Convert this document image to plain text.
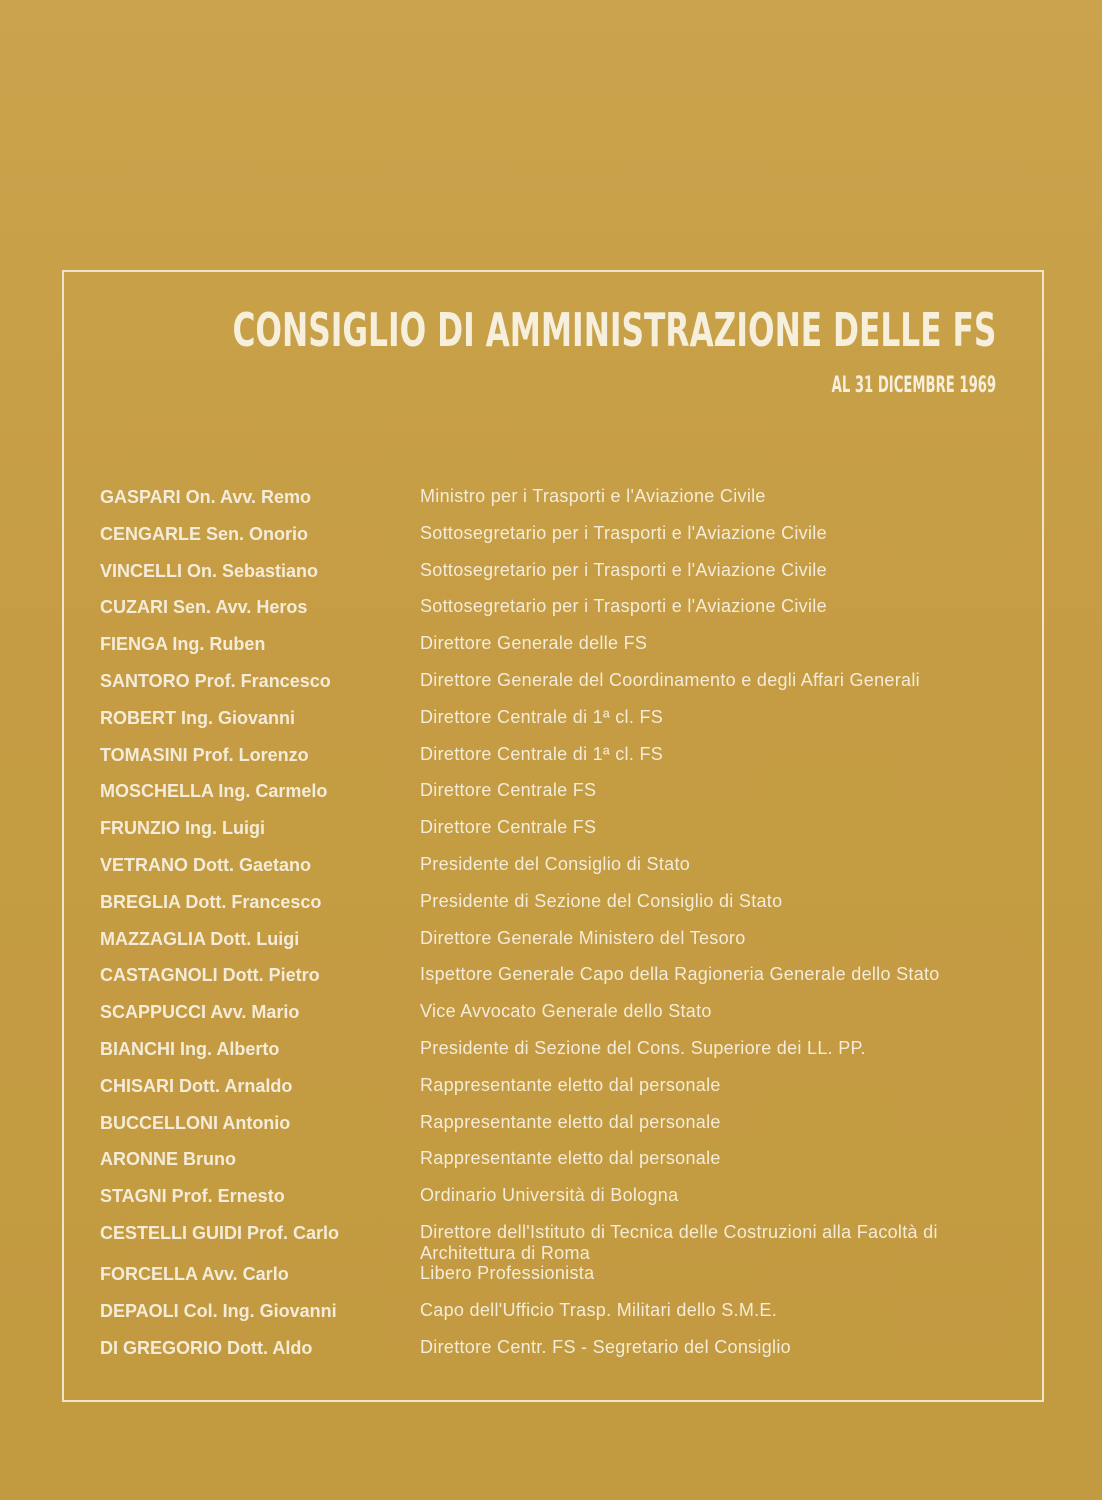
CONSIGLIO DI AMMINISTRAZIONE DELLE FS
AL 31 DICEMBRE 1969
GASPARI On. Avv. Remo	Ministro per i Trasporti e l'Aviazione Civile
CENGARLE Sen. Onorio	Sottosegretario per i Trasporti e l'Aviazione Civile
VINCELLI On. Sebastiano	Sottosegretario per i Trasporti e l'Aviazione Civile
CUZARI Sen. Avv. Heros	Sottosegretario per i Trasporti e l'Aviazione Civile
FIENGA Ing. Ruben	Direttore Generale delle FS
SANTORO Prof. Francesco	Direttore Generale del Coordinamento e degli Affari Generali
ROBERT Ing. Giovanni	Direttore Centrale di 1ª cl. FS
TOMASINI Prof. Lorenzo	Direttore Centrale di 1ª cl. FS
MOSCHELLA Ing. Carmelo	Direttore Centrale FS
FRUNZIO Ing. Luigi	Direttore Centrale FS
VETRANO Dott. Gaetano	Presidente del Consiglio di Stato
BREGLIA Dott. Francesco	Presidente di Sezione del Consiglio di Stato
MAZZAGLIA Dott. Luigi	Direttore Generale Ministero del Tesoro
CASTAGNOLI Dott. Pietro	Ispettore Generale Capo della Ragioneria Generale dello Stato
SCAPPUCCI Avv. Mario	Vice Avvocato Generale dello Stato
BIANCHI Ing. Alberto	Presidente di Sezione del Cons. Superiore dei LL. PP.
CHISARI Dott. Arnaldo	Rappresentante eletto dal personale
BUCCELLONI Antonio	Rappresentante eletto dal personale
ARONNE Bruno	Rappresentante eletto dal personale
STAGNI Prof. Ernesto	Ordinario Università di Bologna
CESTELLI GUIDI Prof. Carlo	Direttore dell'Istituto di Tecnica delle Costruzioni alla Facoltà di Architettura di Roma
FORCELLA Avv. Carlo	Libero Professionista
DEPAOLI Col. Ing. Giovanni	Capo dell'Ufficio Trasp. Militari dello S.M.E.
DI GREGORIO Dott. Aldo	Direttore Centr. FS - Segretario del Consiglio
